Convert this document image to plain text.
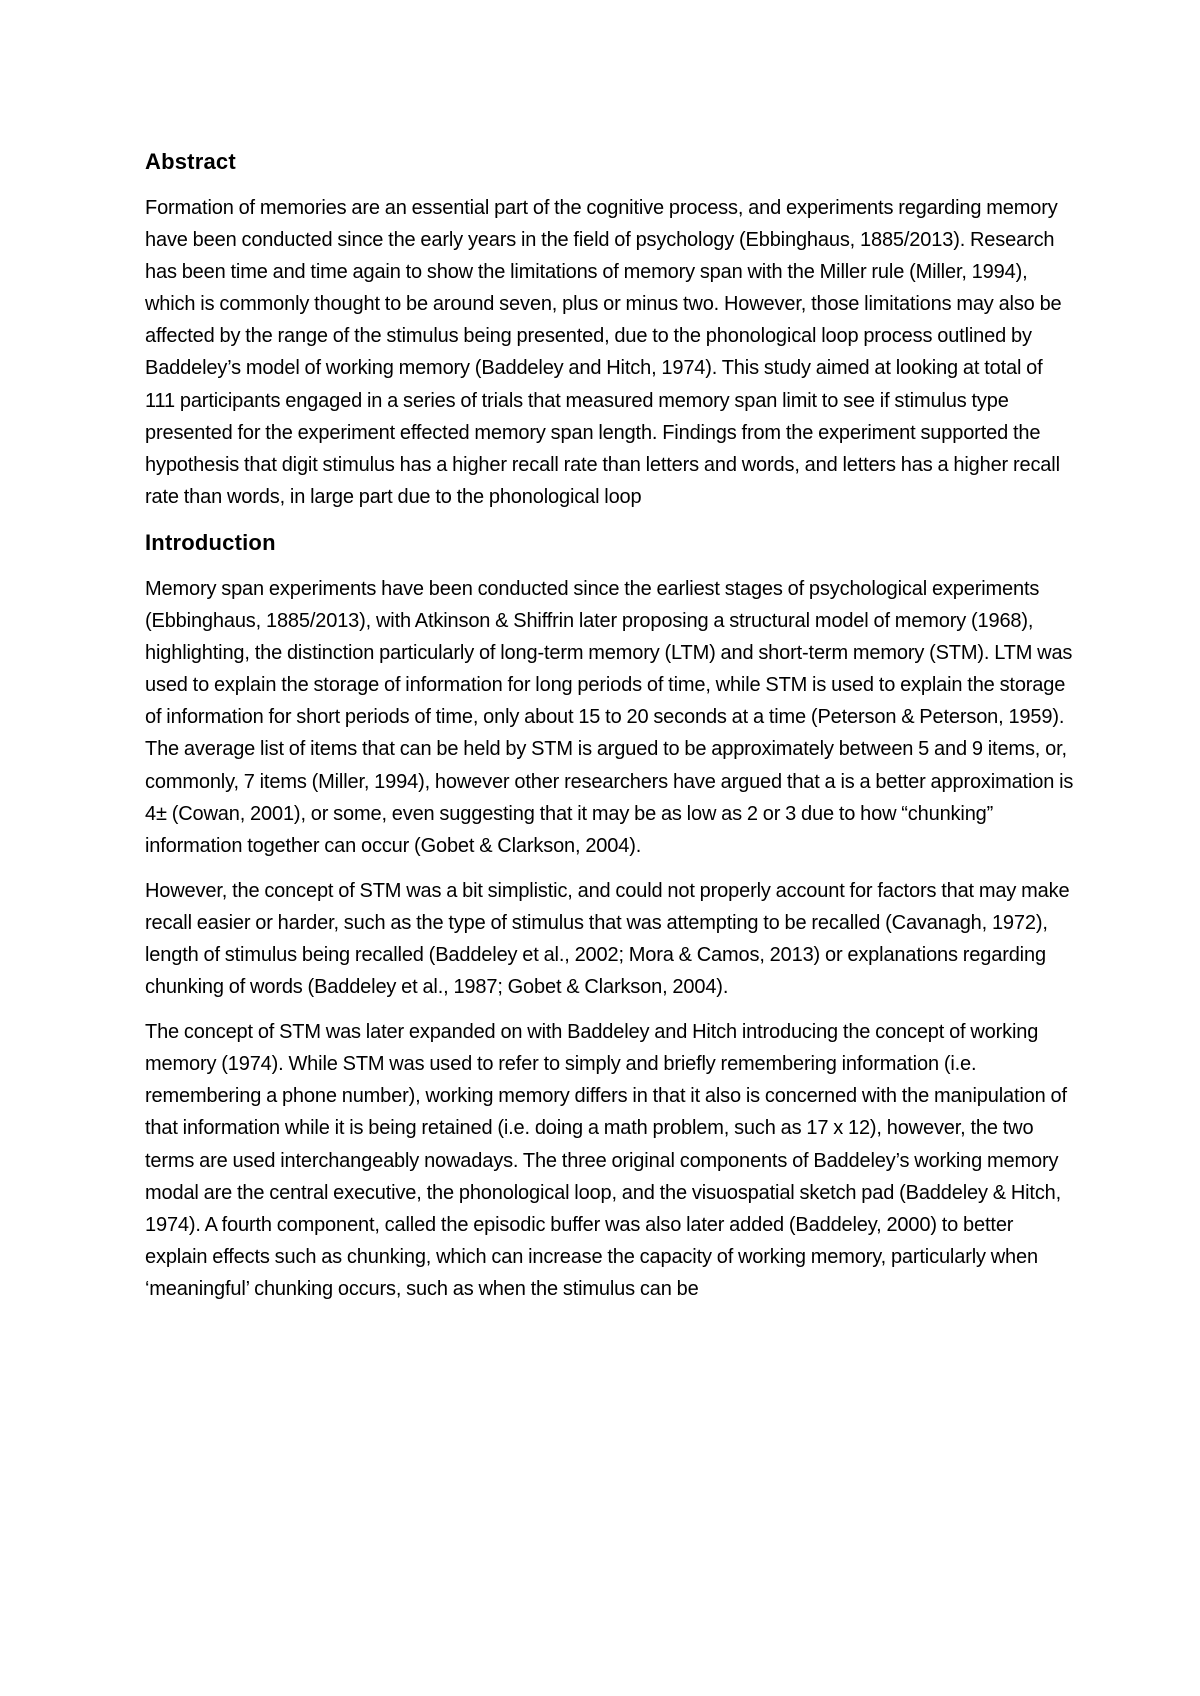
Abstract

Formation of memories are an essential part of the cognitive process, and experiments regarding memory have been conducted since the early years in the field of psychology (Ebbinghaus, 1885/2013). Research has been time and time again to show the limitations of memory span with the Miller rule (Miller, 1994), which is commonly thought to be around seven, plus or minus two. However, those limitations may also be affected by the range of the stimulus being presented, due to the phonological loop process outlined by Baddeley’s model of working memory (Baddeley and Hitch, 1974). This study aimed at looking at total of 111 participants engaged in a series of trials that measured memory span limit to see if stimulus type presented for the experiment effected memory span length. Findings from the experiment supported the hypothesis that digit stimulus has a higher recall rate than letters and words, and letters has a higher recall rate than words, in large part due to the phonological loop

Introduction

Memory span experiments have been conducted since the earliest stages of psychological experiments (Ebbinghaus, 1885/2013), with Atkinson & Shiffrin later proposing a structural model of memory (1968), highlighting, the distinction particularly of long-term memory (LTM) and short-term memory (STM). LTM was used to explain the storage of information for long periods of time, while STM is used to explain the storage of information for short periods of time, only about 15 to 20 seconds at a time (Peterson & Peterson, 1959). The average list of items that can be held by STM is argued to be approximately between 5 and 9 items, or, commonly, 7 items (Miller, 1994), however other researchers have argued that a is a better approximation is 4± (Cowan, 2001), or some, even suggesting that it may be as low as 2 or 3 due to how “chunking” information together can occur (Gobet & Clarkson, 2004).

However, the concept of STM was a bit simplistic, and could not properly account for factors that may make recall easier or harder, such as the type of stimulus that was attempting to be recalled (Cavanagh, 1972), length of stimulus being recalled (Baddeley et al., 2002; Mora & Camos, 2013) or explanations regarding chunking of words (Baddeley et al., 1987; Gobet & Clarkson, 2004).

The concept of STM was later expanded on with Baddeley and Hitch introducing the concept of working memory (1974). While STM was used to refer to simply and briefly remembering information (i.e. remembering a phone number), working memory differs in that it also is concerned with the manipulation of that information while it is being retained (i.e. doing a math problem, such as 17 x 12), however, the two terms are used interchangeably nowadays. The three original components of Baddeley’s working memory modal are the central executive, the phonological loop, and the visuospatial sketch pad (Baddeley & Hitch, 1974). A fourth component, called the episodic buffer was also later added (Baddeley, 2000) to better explain effects such as chunking, which can increase the capacity of working memory, particularly when ‘meaningful’ chunking occurs, such as when the stimulus can be
